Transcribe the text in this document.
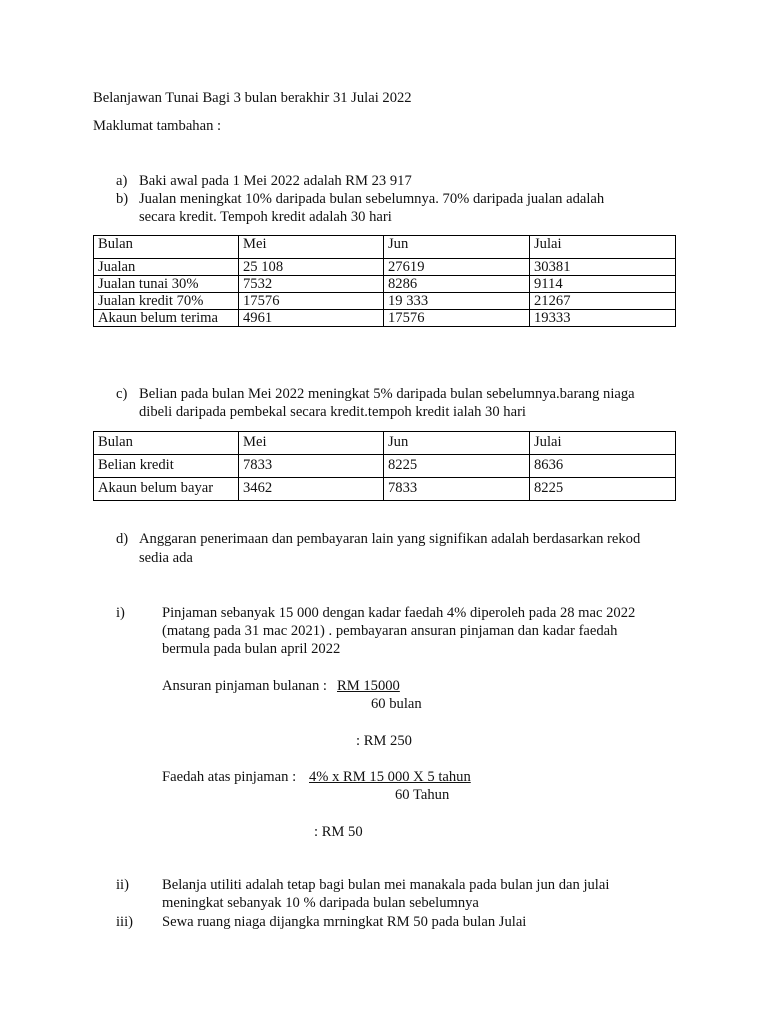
Belanjawan Tunai Bagi 3 bulan berakhir 31 Julai 2022
Maklumat tambahan :
a) Baki awal pada 1 Mei 2022 adalah RM 23 917
b) Jualan meningkat 10% daripada bulan sebelumnya. 70% daripada jualan adalah
secara kredit. Tempoh kredit adalah 30 hari
Bulan	Mei	Jun	Julai
Jualan	25 108	27619	30381
Jualan tunai 30%	7532	8286	9114
Jualan kredit 70%	17576	19 333	21267
Akaun belum terima	4961	17576	19333
c) Belian pada bulan Mei 2022 meningkat 5% daripada bulan sebelumnya.barang niaga
dibeli daripada pembekal secara kredit.tempoh kredit ialah 30 hari
Bulan	Mei	Jun	Julai
Belian kredit	7833	8225	8636
Akaun belum bayar	3462	7833	8225
d) Anggaran penerimaan dan pembayaran lain yang signifikan adalah berdasarkan rekod
sedia ada
i)	Pinjaman sebanyak 15 000 dengan kadar faedah 4% diperoleh pada 28 mac 2022
(matang pada 31 mac 2021) . pembayaran ansuran pinjaman dan kadar faedah
bermula pada bulan april 2022
Ansuran pinjaman bulanan : RM 15000
60 bulan
: RM 250
Faedah atas pinjaman : 4% x RM 15 000 X 5 tahun
60 Tahun
: RM 50
ii)	Belanja utiliti adalah tetap bagi bulan mei manakala pada bulan jun dan julai
meningkat sebanyak 10 % daripada bulan sebelumnya
iii)	Sewa ruang niaga dijangka mrningkat RM 50 pada bulan Julai
